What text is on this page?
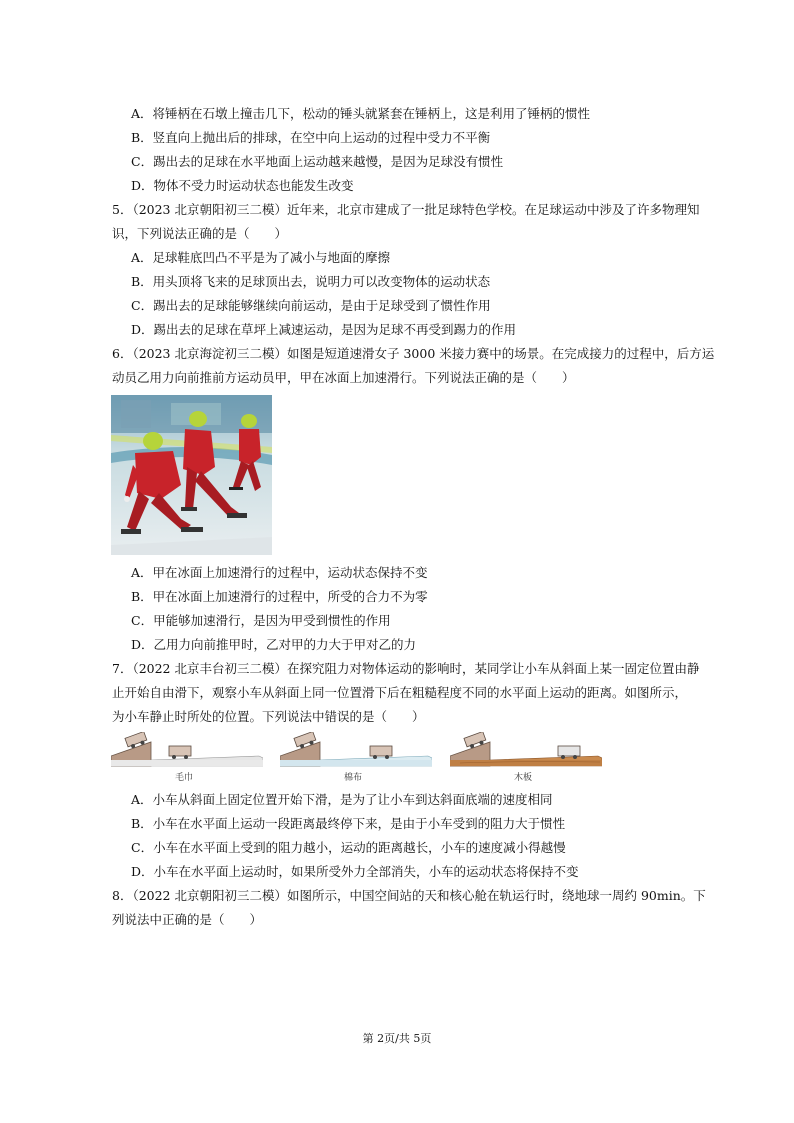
A．将锤柄在石墩上撞击几下，松动的锤头就紧套在锤柄上，这是利用了锤柄的惯性
B．竖直向上抛出后的排球，在空中向上运动的过程中受力不平衡
C．踢出去的足球在水平地面上运动越来越慢，是因为足球没有惯性
D．物体不受力时运动状态也能发生改变
5．（2023 北京朝阳初三二模）近年来，北京市建成了一批足球特色学校。在足球运动中涉及了许多物理知
识，下列说法正确的是（　　）
A．足球鞋底凹凸不平是为了减小与地面的摩擦
B．用头顶将飞来的足球顶出去，说明力可以改变物体的运动状态
C．踢出去的足球能够继续向前运动，是由于足球受到了惯性作用
D．踢出去的足球在草坪上减速运动，是因为足球不再受到踢力的作用
6．（2023 北京海淀初三二模）如图是短道速滑女子 3000 米接力赛中的场景。在完成接力的过程中，后方运
动员乙用力向前推前方运动员甲，甲在冰面上加速滑行。下列说法正确的是（　　）
A．甲在冰面上加速滑行的过程中，运动状态保持不变
B．甲在冰面上加速滑行的过程中，所受的合力不为零
C．甲能够加速滑行，是因为甲受到惯性的作用
D．乙用力向前推甲时，乙对甲的力大于甲对乙的力
7．（2022 北京丰台初三二模）在探究阻力对物体运动的影响时，某同学让小车从斜面上某一固定位置由静
止开始自由滑下，观察小车从斜面上同一位置滑下后在粗糙程度不同的水平面上运动的距离。如图所示，
为小车静止时所处的位置。下列说法中错误的是（　　）
毛巾	棉布	木板
A．小车从斜面上固定位置开始下滑，是为了让小车到达斜面底端的速度相同
B．小车在水平面上运动一段距离最终停下来，是由于小车受到的阻力大于惯性
C．小车在水平面上受到的阻力越小，运动的距离越长，小车的速度减小得越慢
D．小车在水平面上运动时，如果所受外力全部消失，小车的运动状态将保持不变
8．（2022 北京朝阳初三二模）如图所示，中国空间站的天和核心舱在轨运行时，绕地球一周约 90min。下
列说法中正确的是（　　）
第 2页/共 5页
